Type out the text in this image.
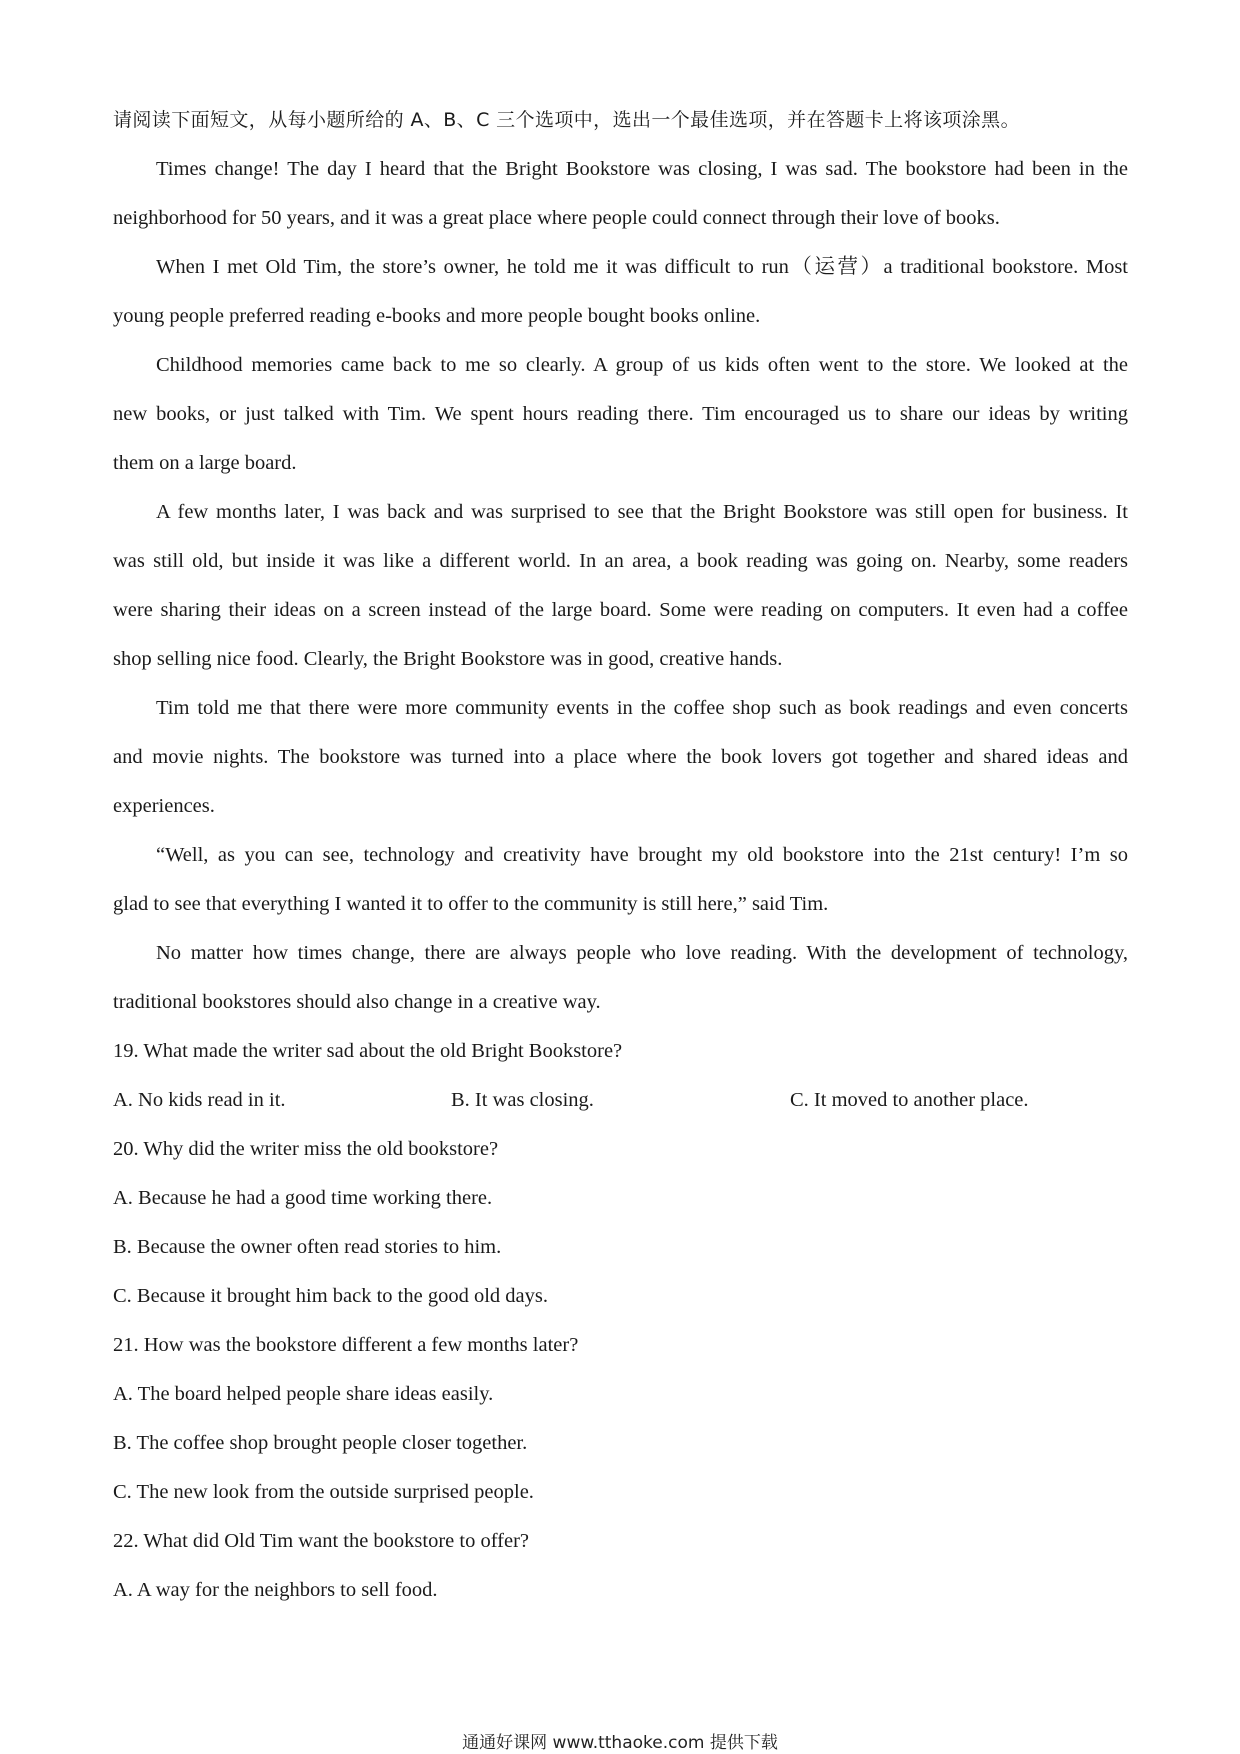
请阅读下面短文，从每小题所给的 A、B、C 三个选项中，选出一个最佳选项，并在答题卡上将该项涂黑。
Times change! The day I heard that the Bright Bookstore was closing, I was sad. The bookstore had been in the
neighborhood for 50 years, and it was a great place where people could connect through their love of books.
When I met Old Tim, the store’s owner, he told me it was difficult to run（运营）a traditional bookstore. Most
young people preferred reading e-books and more people bought books online.
Childhood memories came back to me so clearly. A group of us kids often went to the store. We looked at the
new books, or just talked with Tim. We spent hours reading there. Tim encouraged us to share our ideas by writing
them on a large board.
A few months later, I was back and was surprised to see that the Bright Bookstore was still open for business. It
was still old, but inside it was like a different world. In an area, a book reading was going on. Nearby, some readers
were sharing their ideas on a screen instead of the large board. Some were reading on computers. It even had a coffee
shop selling nice food. Clearly, the Bright Bookstore was in good, creative hands.
Tim told me that there were more community events in the coffee shop such as book readings and even concerts
and movie nights. The bookstore was turned into a place where the book lovers got together and shared ideas and
experiences.
“Well, as you can see, technology and creativity have brought my old bookstore into the 21st century! I’m so
glad to see that everything I wanted it to offer to the community is still here,” said Tim.
No matter how times change, there are always people who love reading. With the development of technology,
traditional bookstores should also change in a creative way.
19. What made the writer sad about the old Bright Bookstore?
A. No kids read in it.	B. It was closing.	C. It moved to another place.
20. Why did the writer miss the old bookstore?
A. Because he had a good time working there.
B. Because the owner often read stories to him.
C. Because it brought him back to the good old days.
21. How was the bookstore different a few months later?
A. The board helped people share ideas easily.
B. The coffee shop brought people closer together.
C. The new look from the outside surprised people.
22. What did Old Tim want the bookstore to offer?
A. A way for the neighbors to sell food.
通通好课网 www.tthaoke.com 提供下载
